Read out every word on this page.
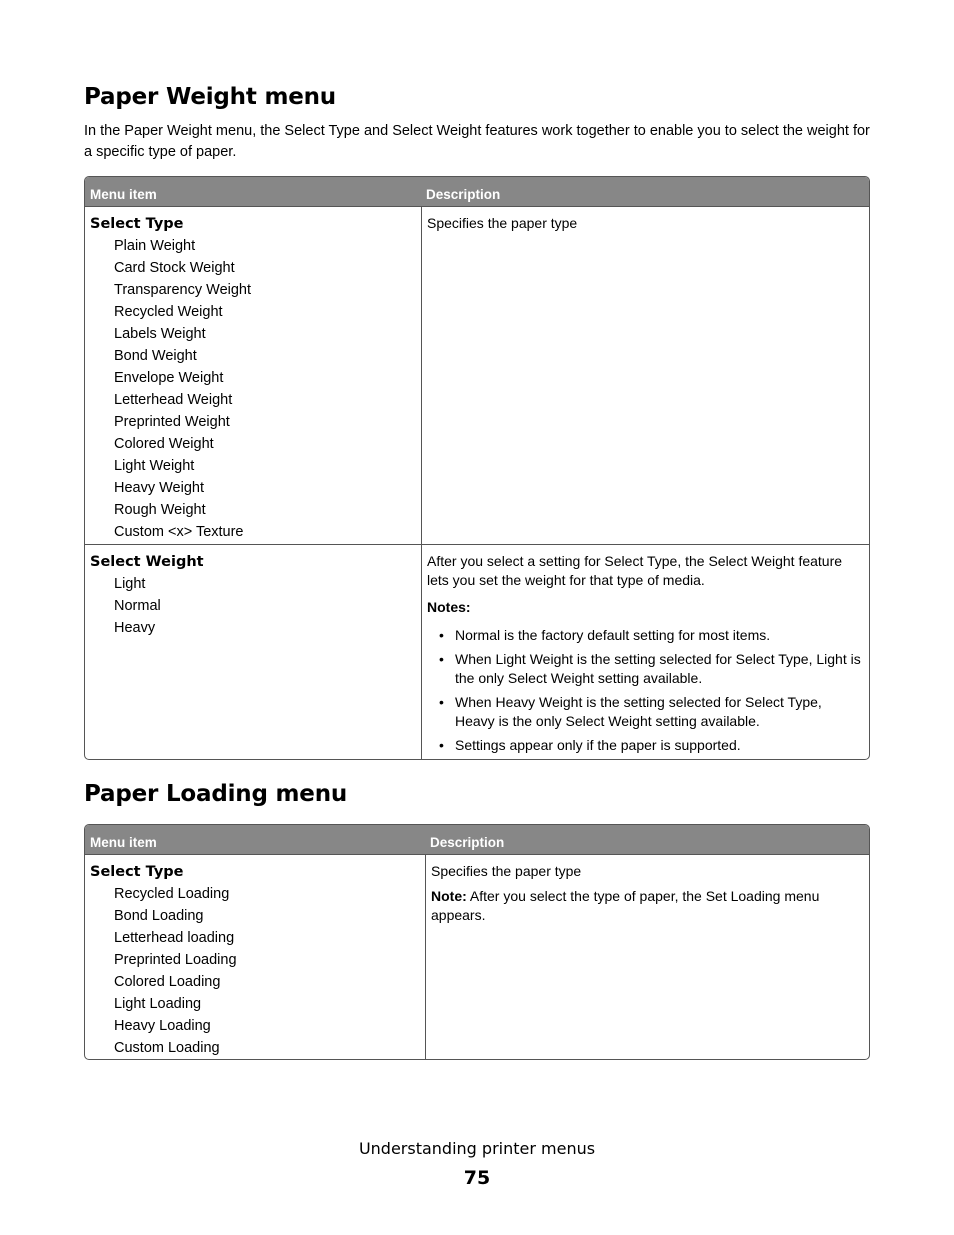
Paper Weight menu

In the Paper Weight menu, the Select Type and Select Weight features work together to enable you to select the weight for a specific type of paper.

Menu item	Description
Select Type
Plain Weight
Card Stock Weight
Transparency Weight
Recycled Weight
Labels Weight
Bond Weight
Envelope Weight
Letterhead Weight
Preprinted Weight
Colored Weight
Light Weight
Heavy Weight
Rough Weight
Custom <x> Texture
Specifies the paper type
Select Weight
Light
Normal
Heavy
After you select a setting for Select Type, the Select Weight feature lets you set the weight for that type of media.
Notes:
• Normal is the factory default setting for most items.
• When Light Weight is the setting selected for Select Type, Light is the only Select Weight setting available.
• When Heavy Weight is the setting selected for Select Type, Heavy is the only Select Weight setting available.
• Settings appear only if the paper is supported.
Paper Loading menu
Menu item	Description
Select Type
Recycled Loading
Bond Loading
Letterhead loading
Preprinted Loading
Colored Loading
Light Loading
Heavy Loading
Custom Loading
Specifies the paper type
Note: After you select the type of paper, the Set Loading menu appears.
Understanding printer menus
75
